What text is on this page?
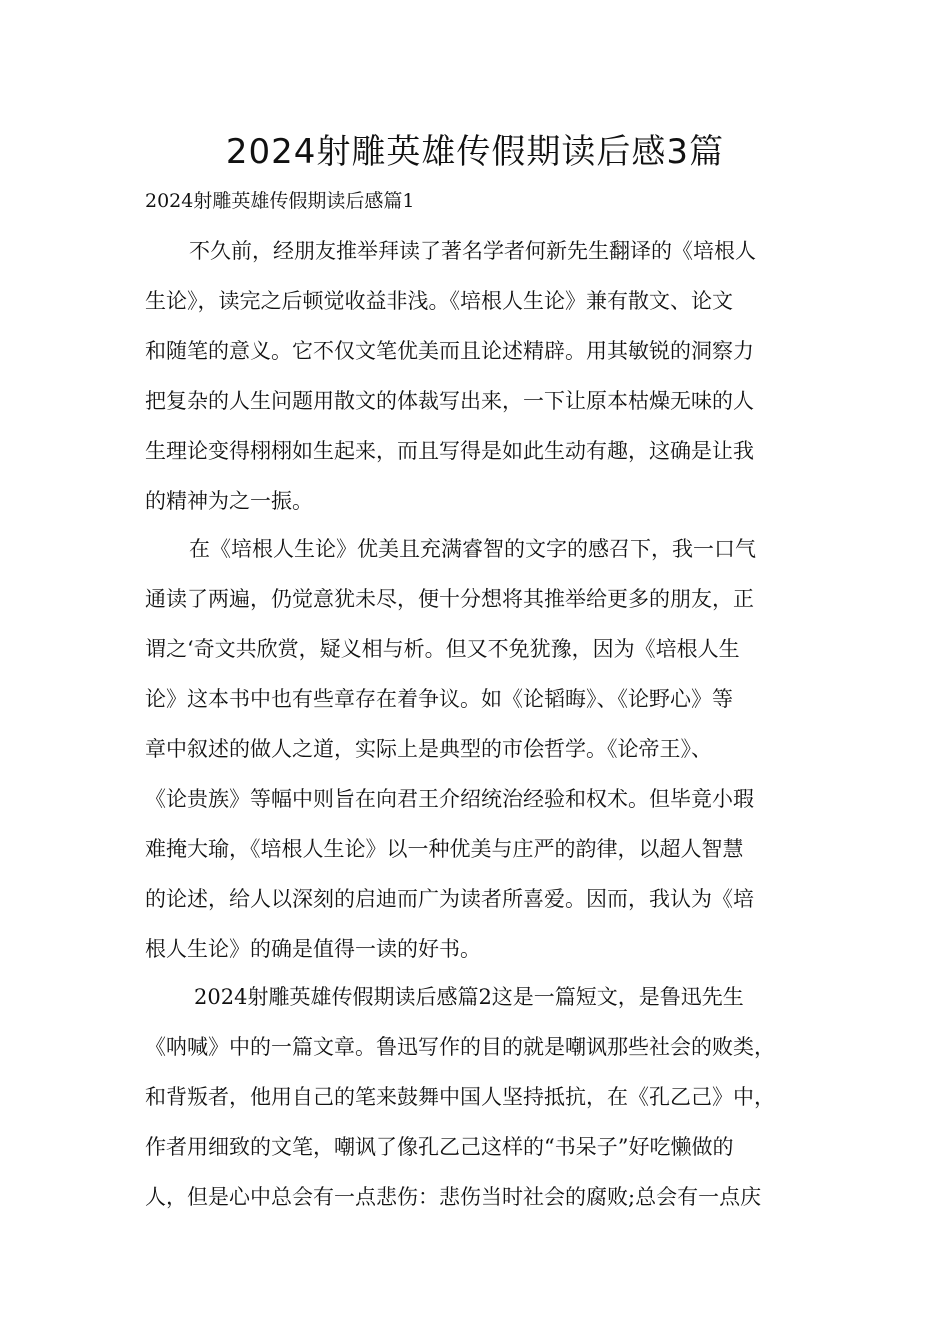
2024射雕英雄传假期读后感3篇
2024射雕英雄传假期读后感篇1
不久前，经朋友推举拜读了著名学者何新先生翻译的《培根人
生论》，读完之后顿觉收益非浅。《培根人生论》兼有散文、论文
和随笔的意义。它不仅文笔优美而且论述精辟。用其敏锐的洞察力
把复杂的人生问题用散文的体裁写出来，一下让原本枯燥无味的人
生理论变得栩栩如生起来，而且写得是如此生动有趣，这确是让我
的精神为之一振。
在《培根人生论》优美且充满睿智的文字的感召下，我一口气
通读了两遍，仍觉意犹未尽，便十分想将其推举给更多的朋友，正
谓之‘奇文共欣赏，疑义相与析。但又不免犹豫，因为《培根人生
论》这本书中也有些章存在着争议。如《论韬晦》、《论野心》等
章中叙述的做人之道，实际上是典型的市侩哲学。《论帝王》、
《论贵族》等幅中则旨在向君王介绍统治经验和权术。但毕竟小瑕
难掩大瑜，《培根人生论》以一种优美与庄严的韵律，以超人智慧
的论述，给人以深刻的启迪而广为读者所喜爱。因而，我认为《培
根人生论》的确是值得一读的好书。
2024射雕英雄传假期读后感篇2这是一篇短文，是鲁迅先生
《呐喊》中的一篇文章。鲁迅写作的目的就是嘲讽那些社会的败类，
和背叛者，他用自己的笔来鼓舞中国人坚持抵抗，在《孔乙己》中，
作者用细致的文笔，嘲讽了像孔乙己这样的“书呆子”好吃懒做的
人，但是心中总会有一点悲伤：悲伤当时社会的腐败;总会有一点庆
